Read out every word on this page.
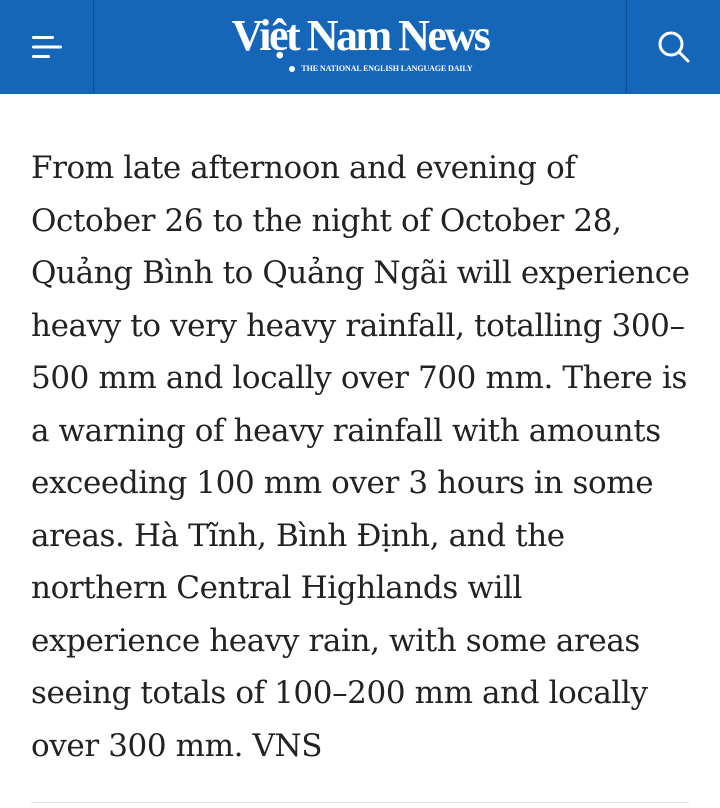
Việt Nam News
THE NATIONAL ENGLISH LANGUAGE DAILY

From late afternoon and evening of October 26 to the night of October 28, Quảng Bình to Quảng Ngãi will experience heavy to very heavy rainfall, totalling 300–500 mm and locally over 700 mm. There is a warning of heavy rainfall with amounts exceeding 100 mm over 3 hours in some areas. Hà Tĩnh, Bình Định, and the northern Central Highlands will experience heavy rain, with some areas seeing totals of 100–200 mm and locally over 300 mm. VNS
